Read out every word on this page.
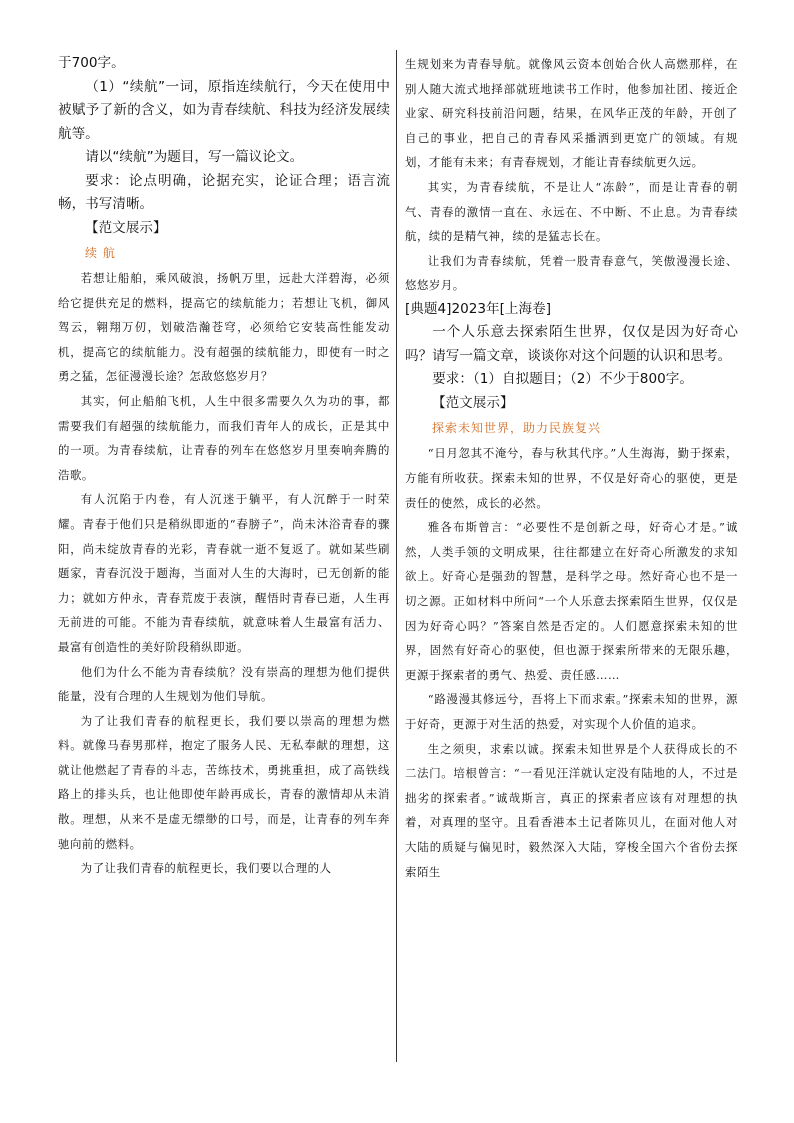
于700字。

（1）“续航”一词，原指连续航行，今天在使用中被赋予了新的含义，如为青春续航、科技为经济发展续航等。

请以“续航”为题目，写一篇议论文。

要求：论点明确，论据充实，论证合理；语言流畅，书写清晰。

【范文展示】

续 航

若想让船舶，乘风破浪，扬帆万里，远赴大洋碧海，必须给它提供充足的燃料，提高它的续航能力；若想让飞机，御风驾云，翱翔万仞，划破浩瀚苍穹，必须给它安装高性能发动机，提高它的续航能力。没有超强的续航能力，即使有一时之勇之猛，怎征漫漫长途？怎敌悠悠岁月？

其实，何止船舶飞机，人生中很多需要久久为功的事，都需要我们有超强的续航能力，而我们青年人的成长，正是其中的一项。为青春续航，让青春的列车在悠悠岁月里奏响奔腾的浩歌。

有人沉陷于内卷，有人沉迷于躺平，有人沉醉于一时荣耀。青春于他们只是稍纵即逝的“春膀子”，尚未沐浴青春的骤阳，尚未绽放青春的光彩，青春就一逝不复返了。就如某些刷题家，青春沉没于题海，当面对人生的大海时，已无创新的能力；就如方仲永，青春荒废于表演，醒悟时青春已逝，人生再无前进的可能。不能为青春续航，就意味着人生最富有活力、最富有创造性的美好阶段稍纵即逝。

他们为什么不能为青春续航？没有崇高的理想为他们提供能量，没有合理的人生规划为他们导航。

为了让我们青春的航程更长，我们要以崇高的理想为燃料。就像马春男那样，抱定了服务人民、无私奉献的理想，这就让他燃起了青春的斗志，苦练技术，勇挑重担，成了高铁线路上的排头兵，也让他即使年龄再成长，青春的激情却从未消散。理想，从来不是虚无缥缈的口号，而是，让青春的列车奔驰向前的燃料。

为了让我们青春的航程更长，我们要以合理的人

生规划来为青春导航。就像风云资本创始合伙人高燃那样，在别人随大流式地择部就班地读书工作时，他参加社团、接近企业家、研究科技前沿问题，结果，在风华正茂的年龄，开创了自己的事业，把自己的青春风采播洒到更宽广的领域。有规划，才能有未来；有青春规划，才能让青春续航更久远。

其实，为青春续航，不是让人“冻龄”，而是让青春的朝气、青春的激情一直在、永远在、不中断、不止息。为青春续航，续的是精气神，续的是猛志长在。

让我们为青春续航，凭着一股青春意气，笑傲漫漫长途、悠悠岁月。

[典题4]2023年[上海卷]

一个人乐意去探索陌生世界，仅仅是因为好奇心吗？请写一篇文章，谈谈你对这个问题的认识和思考。

要求：（1）自拟题目；（2）不少于800字。

【范文展示】

探索未知世界，助力民族复兴

“日月忽其不淹兮，春与秋其代序。”人生海海，勤于探索，方能有所收获。探索未知的世界，不仅是好奇心的驱使，更是责任的使然，成长的必然。

雅各布斯曾言：“必要性不是创新之母，好奇心才是。”诚然，人类手领的文明成果，往往都建立在好奇心所激发的求知欲上。好奇心是强劲的智慧，是科学之母。然好奇心也不是一切之源。正如材料中所问“一个人乐意去探索陌生世界，仅仅是因为好奇心吗？”答案自然是否定的。人们愿意探索未知的世界，固然有好奇心的驱使，但也源于探索所带来的无限乐趣，更源于探索者的勇气、热爱、责任感……

“路漫漫其修远兮，吾将上下而求索。”探索未知的世界，源于好奇，更源于对生活的热爱，对实现个人价值的追求。

生之须臾，求索以诚。探索未知世界是个人获得成长的不二法门。培根曾言：“一看见汪洋就认定没有陆地的人，不过是拙劣的探索者。”诚哉斯言，真正的探索者应该有对理想的执着，对真理的坚守。且看香港本土记者陈贝儿，在面对他人对大陆的质疑与偏见时，毅然深入大陆，穿梭全国六个省份去探索陌生
